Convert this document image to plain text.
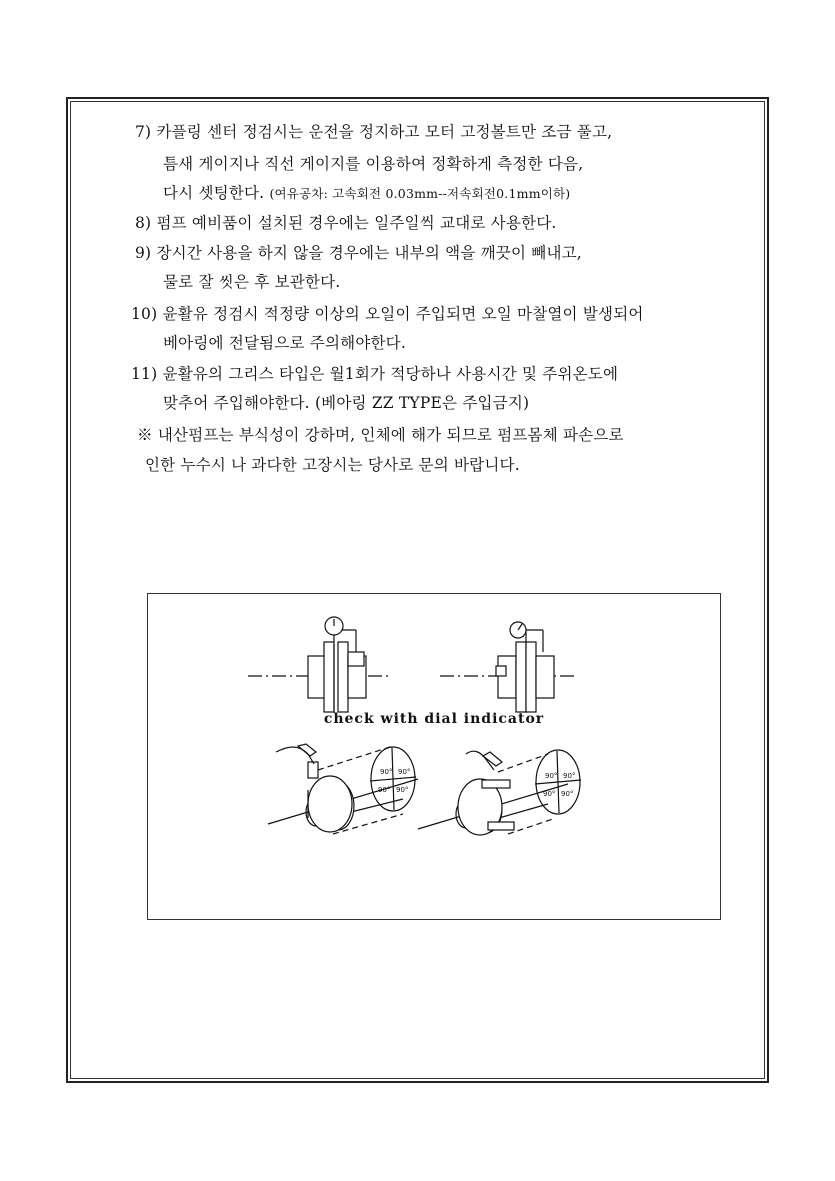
7) 카플링 센터 정검시는 운전을 정지하고 모터 고정볼트만 조금 풀고,
틈새 게이지나 직선 게이지를 이용하여 정확하게 측정한 다음,
다시 셋팅한다. (여유공차: 고속회전 0.03mm--저속회전0.1mm이하)
8) 펌프 예비품이 설치된 경우에는 일주일씩 교대로 사용한다.
9) 장시간 사용을 하지 않을 경우에는 내부의 액을 깨끗이 빼내고,
물로 잘 씻은 후 보관한다.
10) 윤활유 정검시 적정량 이상의 오일이 주입되면 오일 마찰열이 발생되어
베아링에 전달됨으로 주의해야한다.
11) 윤활유의 그리스 타입은 월1회가 적당하나 사용시간 및 주위온도에
맞추어 주입해야한다. (베아링 ZZ TYPE은 주입금지)
※ 내산펌프는 부식성이 강하며, 인체에 해가 되므로 펌프몸체 파손으로
인한 누수시 나 과다한 고장시는 당사로 문의 바랍니다.
90° 90°
90° 90°
90° 90°
90° 90°
check with dial indicator
